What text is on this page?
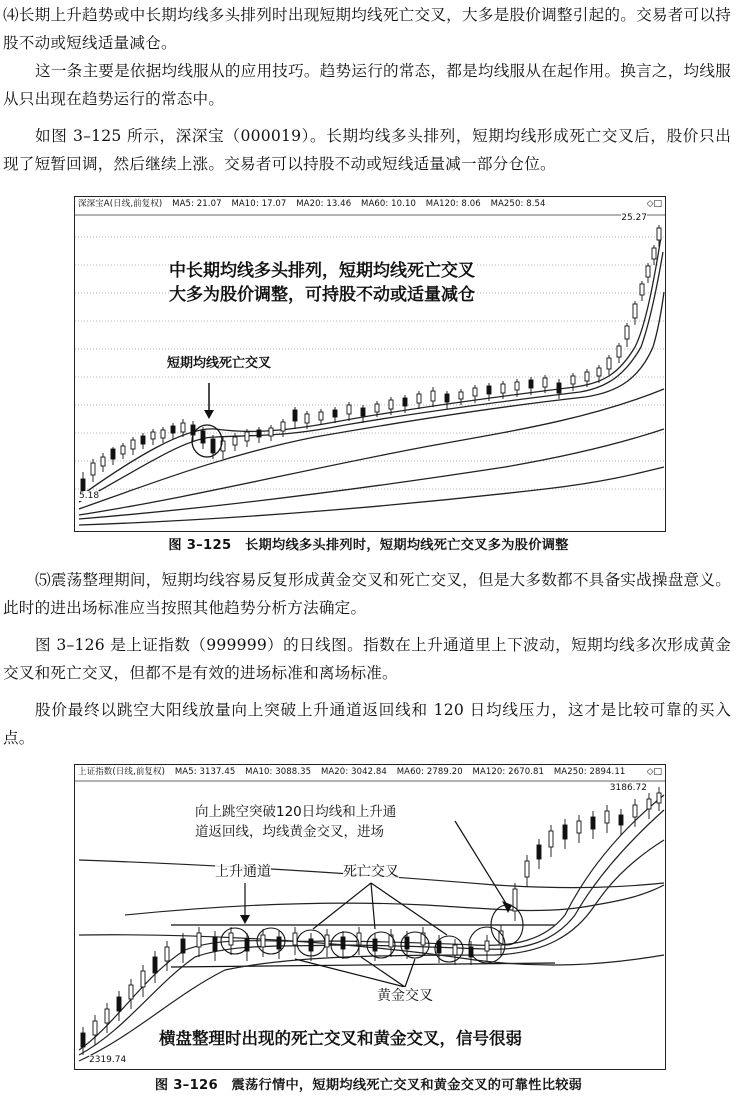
⑷长期上升趋势或中长期均线多头排列时出现短期均线死亡交叉，大多是股价调整引起的。交易者可以持股不动或短线适量减仓。

这一条主要是依据均线服从的应用技巧。趋势运行的常态，都是均线服从在起作用。换言之，均线服从只出现在趋势运行的常态中。

如图 3–125 所示，深深宝（000019）。长期均线多头排列，短期均线形成死亡交叉后，股价只出现了短暂回调，然后继续上涨。交易者可以持股不动或短线适量减一部分仓位。

深深宝A(日线,前复权) MA5: 21.07 MA10: 17.07 MA20: 13.46 MA60: 10.10 MA120: 8.06 MA250: 8.54	◇□
25.27
5.18
中长期均线多头排列，短期均线死亡交叉
大多为股价调整，可持股不动或适量减仓
短期均线死亡交叉
图 3–125　长期均线多头排列时，短期均线死亡交叉多为股价调整

⑸震荡整理期间，短期均线容易反复形成黄金交叉和死亡交叉，但是大多数都不具备实战操盘意义。此时的进出场标准应当按照其他趋势分析方法确定。

图 3–126 是上证指数（999999）的日线图。指数在上升通道里上下波动，短期均线多次形成黄金交叉和死亡交叉，但都不是有效的进场标准和离场标准。

股价最终以跳空大阳线放量向上突破上升通道返回线和 120 日均线压力，这才是比较可靠的买入点。

上证指数(日线,前复权) MA5: 3137.45 MA10: 3088.35 MA20: 3042.84 MA60: 2789.20 MA120: 2670.81 MA250: 2894.11	◇□
3186.72
2319.74
向上跳空突破120日均线和上升通
道返回线，均线黄金交叉，进场
上升通道	死亡交叉
黄金交叉
横盘整理时出现的死亡交叉和黄金交叉，信号很弱
图 3–126　震荡行情中，短期均线死亡交叉和黄金交叉的可靠性比较弱
